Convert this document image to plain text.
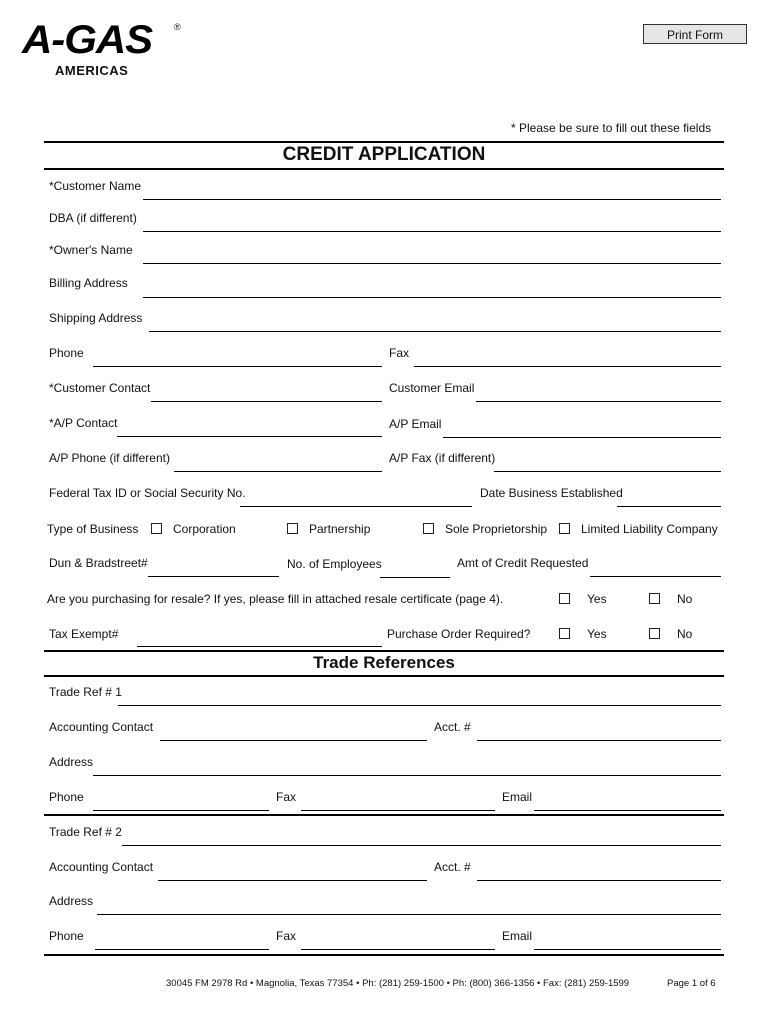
A-GAS ®
AMERICAS
Print Form
* Please be sure to fill out these fields
CREDIT APPLICATION
*Customer Name
DBA (if different)
*Owner's Name
Billing Address
Shipping Address
Phone	Fax
*Customer Contact	Customer Email
*A/P Contact	A/P Email
A/P Phone (if different)	A/P Fax (if different)
Federal Tax ID or Social Security No.	Date Business Established
Type of Business	Corporation	Partnership	Sole Proprietorship	Limited Liability Company
Dun & Bradstreet#	No. of Employees	Amt of Credit Requested
Are you purchasing for resale? If yes, please fill in attached resale certificate (page 4).	Yes	No
Tax Exempt#	Purchase Order Required?	Yes	No
Trade References
Trade Ref # 1
Accounting Contact	Acct. #
Address
Phone	Fax	Email
Trade Ref # 2
Accounting Contact	Acct. #
Address
Phone	Fax	Email
30045 FM 2978 Rd • Magnolia, Texas 77354 • Ph: (281) 259-1500 • Ph: (800) 366-1356 • Fax: (281) 259-1599	Page 1 of 6
